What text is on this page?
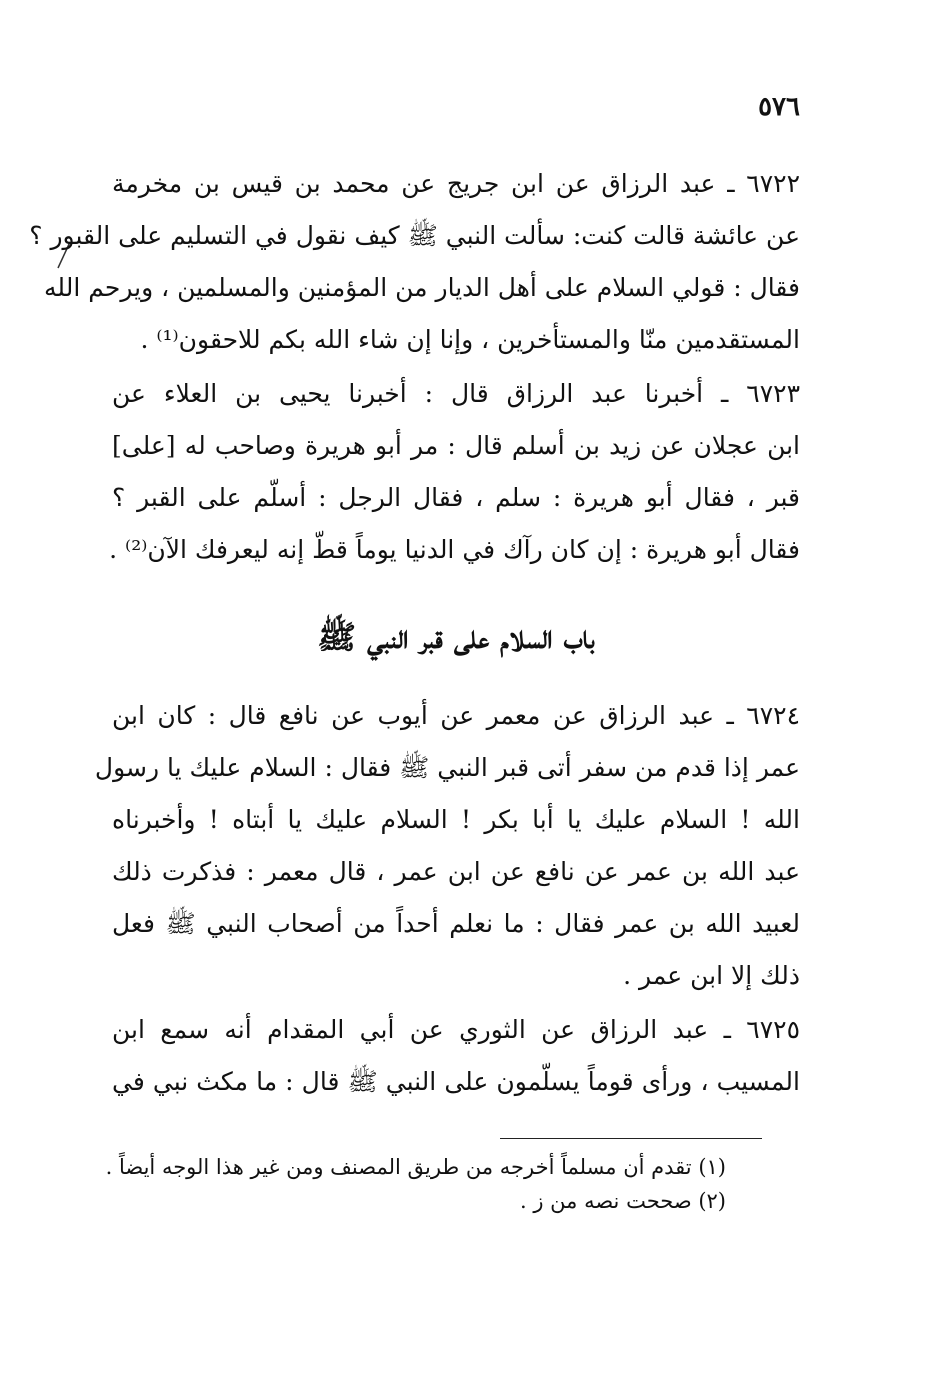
٥٧٦
٦٧٢٢ ـ عبد الرزاق عن ابن جريج عن محمد بن قيس بن مخرمة
عن عائشة قالت كنت: سألت النبي ﷺ كيف نقول في التسليم على القبور ؟
فقال : قولي السلام على أهل الديار من المؤمنين والمسلمين ، ويرحم الله
المستقدمين منّا والمستأخرين ، وإنا إن شاء الله بكم للاحقون⁽¹⁾ .
٦٧٢٣ ـ أخبرنا عبد الرزاق قال : أخبرنا يحيى بن العلاء عن
ابن عجلان عن زيد بن أسلم قال : مر أبو هريرة وصاحب له [على]
قبر ، فقال أبو هريرة : سلم ، فقال الرجل : أسلّم على القبر ؟
فقال أبو هريرة : إن كان رآك في الدنيا يوماً قطّ إنه ليعرفك الآن⁽²⁾ .
باب السلام على قبر النبي ﷺ
٦٧٢٤ ـ عبد الرزاق عن معمر عن أيوب عن نافع قال : كان ابن
عمر إذا قدم من سفر أتى قبر النبي ﷺ فقال : السلام عليك يا رسول
الله ! السلام عليك يا أبا بكر ! السلام عليك يا أبتاه ! وأخبرناه
عبد الله بن عمر عن نافع عن ابن عمر ، قال معمر : فذكرت ذلك
لعبيد الله بن عمر فقال : ما نعلم أحداً من أصحاب النبي ﷺ فعل
ذلك إلا ابن عمر .
٦٧٢٥ ـ عبد الرزاق عن الثوري عن أبي المقدام أنه سمع ابن
المسيب ، ورأى قوماً يسلّمون على النبي ﷺ قال : ما مكث نبي في
(١) تقدم أن مسلماً أخرجه من طريق المصنف ومن غير هذا الوجه أيضاً .
(٢) صححت نصه من ز .
